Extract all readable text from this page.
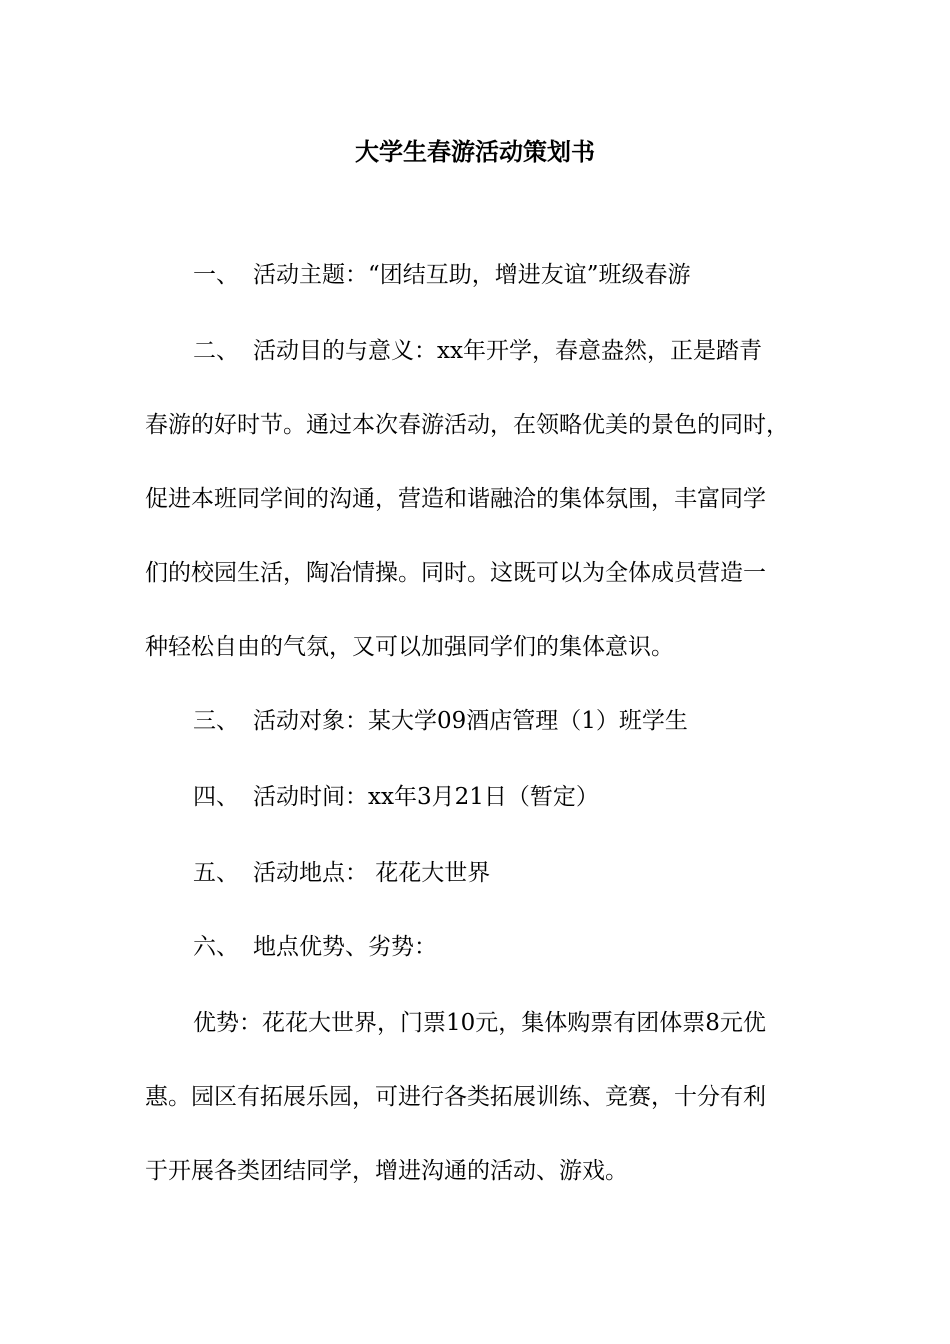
大学生春游活动策划书
一、 活动主题：“团结互助，增进友谊”班级春游
二、 活动目的与意义：xx年开学，春意盎然，正是踏青
春游的好时节。通过本次春游活动，在领略优美的景色的同时，
促进本班同学间的沟通，营造和谐融洽的集体氛围，丰富同学
们的校园生活，陶冶情操。同时。这既可以为全体成员营造一
种轻松自由的气氛，又可以加强同学们的集体意识。
三、 活动对象：某大学09酒店管理（1）班学生
四、 活动时间：xx年3月21日（暂定）
五、 活动地点： 花花大世界
六、 地点优势、劣势：
优势：花花大世界，门票10元，集体购票有团体票8元优
惠。园区有拓展乐园，可进行各类拓展训练、竞赛，十分有利
于开展各类团结同学，增进沟通的活动、游戏。
